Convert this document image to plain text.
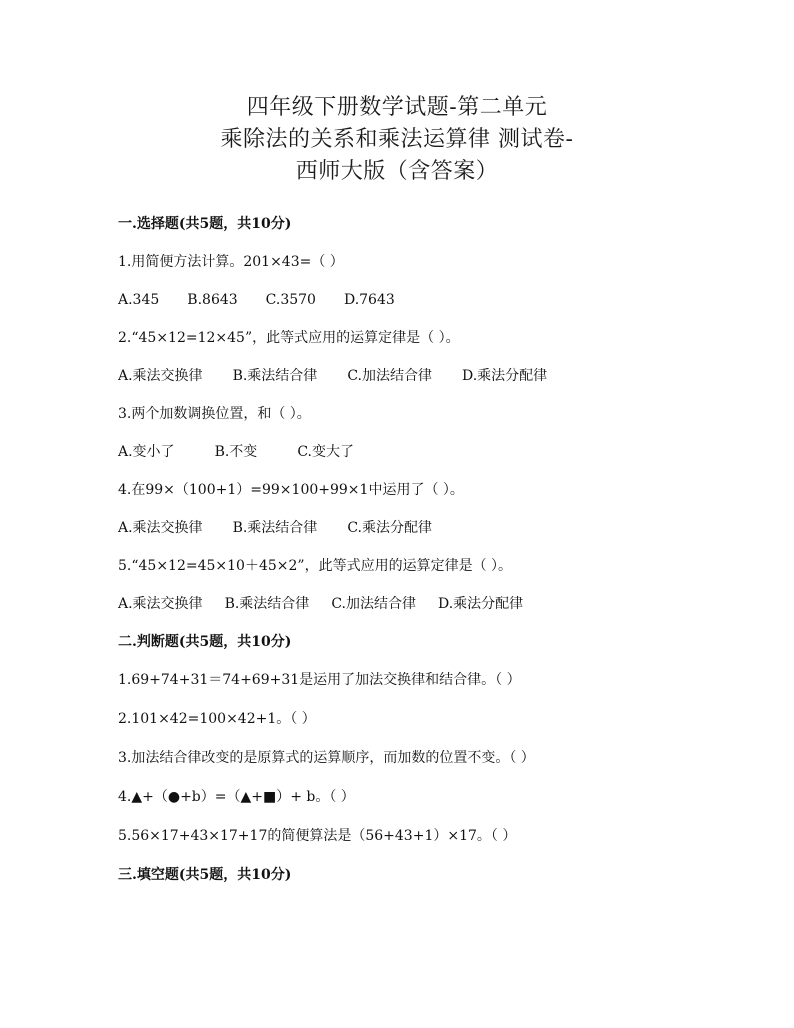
四年级下册数学试题-第二单元
乘除法的关系和乘法运算律 测试卷-
西师大版（含答案）
一.选择题(共5题，共10分)
1.用简便方法计算。201×43=（ ）
A.345 B.8643 C.3570 D.7643
2.“45×12=12×45”，此等式应用的运算定律是（ ）。
A.乘法交换律 B.乘法结合律 C.加法结合律 D.乘法分配律
3.两个加数调换位置，和（ ）。
A.变小了	B.不变	C.变大了
4.在99×（100+1）=99×100+99×1中运用了（ ）。
A.乘法交换律 B.乘法结合律 C.乘法分配律
5.“45×12=45×10＋45×2”，此等式应用的运算定律是（ ）。
A.乘法交换律 B.乘法结合律 C.加法结合律 D.乘法分配律
二.判断题(共5题，共10分)
1.69+74+31＝74+69+31是运用了加法交换律和结合律。（ ）
2.101×42=100×42+1。（ ）
3.加法结合律改变的是原算式的运算顺序，而加数的位置不变。（ ）
4.▲+（●+b）=（▲+■）+ b。（ ）
5.56×17+43×17+17的简便算法是（56+43+1）×17。（ ）
三.填空题(共5题，共10分)
